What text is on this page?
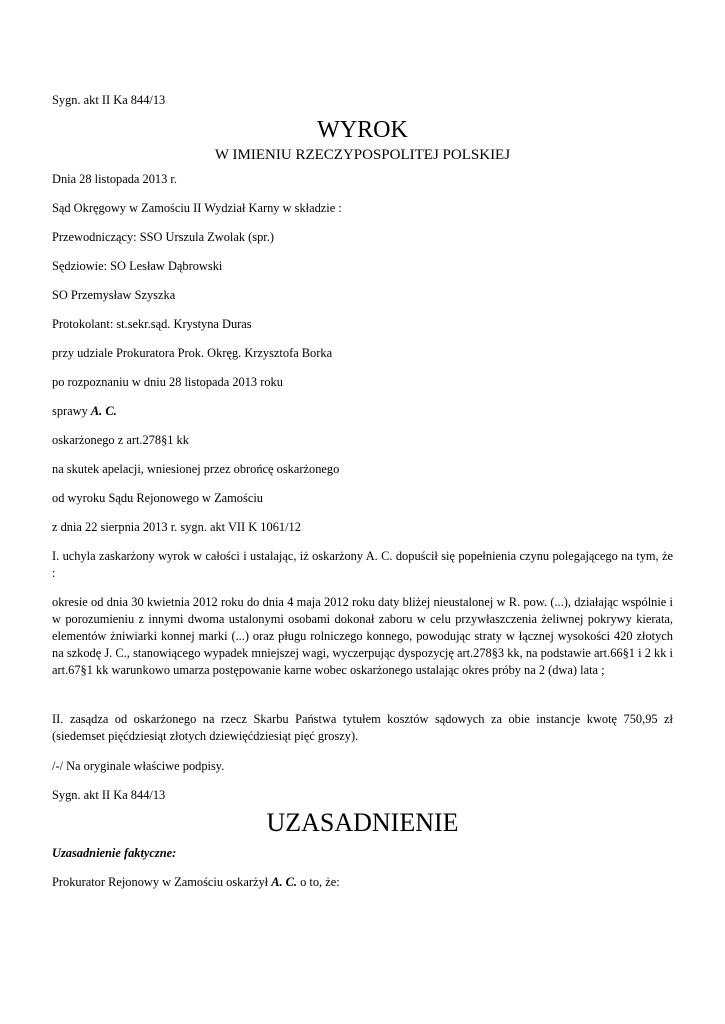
Sygn. akt II Ka 844/13
WYROK
W IMIENIU RZECZYPOSPOLITEJ POLSKIEJ
Dnia 28 listopada 2013 r.
Sąd Okręgowy w Zamościu II Wydział Karny w składzie :
Przewodniczący: SSO Urszula Zwolak (spr.)
Sędziowie: SO Lesław Dąbrowski
SO Przemysław Szyszka
Protokolant: st.sekr.sąd. Krystyna Duras
przy udziale Prokuratora Prok. Okręg. Krzysztofa Borka
po rozpoznaniu w dniu 28 listopada 2013 roku
sprawy A. C.
oskarżonego z art.278§1 kk
na skutek apelacji, wniesionej przez obrońcę oskarżonego
od wyroku Sądu Rejonowego w Zamościu
z dnia 22 sierpnia 2013 r. sygn. akt VII K 1061/12
I. uchyla zaskarżony wyrok w całości i ustalając, iż oskarżony A. C. dopuścił się popełnienia czynu polegającego na tym, że :
okresie od dnia 30 kwietnia 2012 roku do dnia 4 maja 2012 roku daty bliżej nieustalonej w R. pow. (...), działając wspólnie i w porozumieniu z innymi dwoma ustalonymi osobami dokonał zaboru w celu przywłaszczenia żeliwnej pokrywy kierata, elementów żniwiarki konnej marki (...) oraz pługu rolniczego konnego, powodując straty w łącznej wysokości 420 złotych na szkodę J. C., stanowiącego wypadek mniejszej wagi, wyczerpując dyspozycję art.278§3 kk, na podstawie art.66§1 i 2 kk i art.67§1 kk warunkowo umarza postępowanie karne wobec oskarżonego ustalając okres próby na 2 (dwa) lata ;
II. zasądza od oskarżonego na rzecz Skarbu Państwa tytułem kosztów sądowych za obie instancje kwotę 750,95 zł (siedemset pięćdziesiąt złotych dziewięćdziesiąt pięć groszy).
/-/ Na oryginale właściwe podpisy.
Sygn. akt II Ka 844/13
UZASADNIENIE
Uzasadnienie faktyczne:
Prokurator Rejonowy w Zamościu oskarżył A. C. o to, że:
